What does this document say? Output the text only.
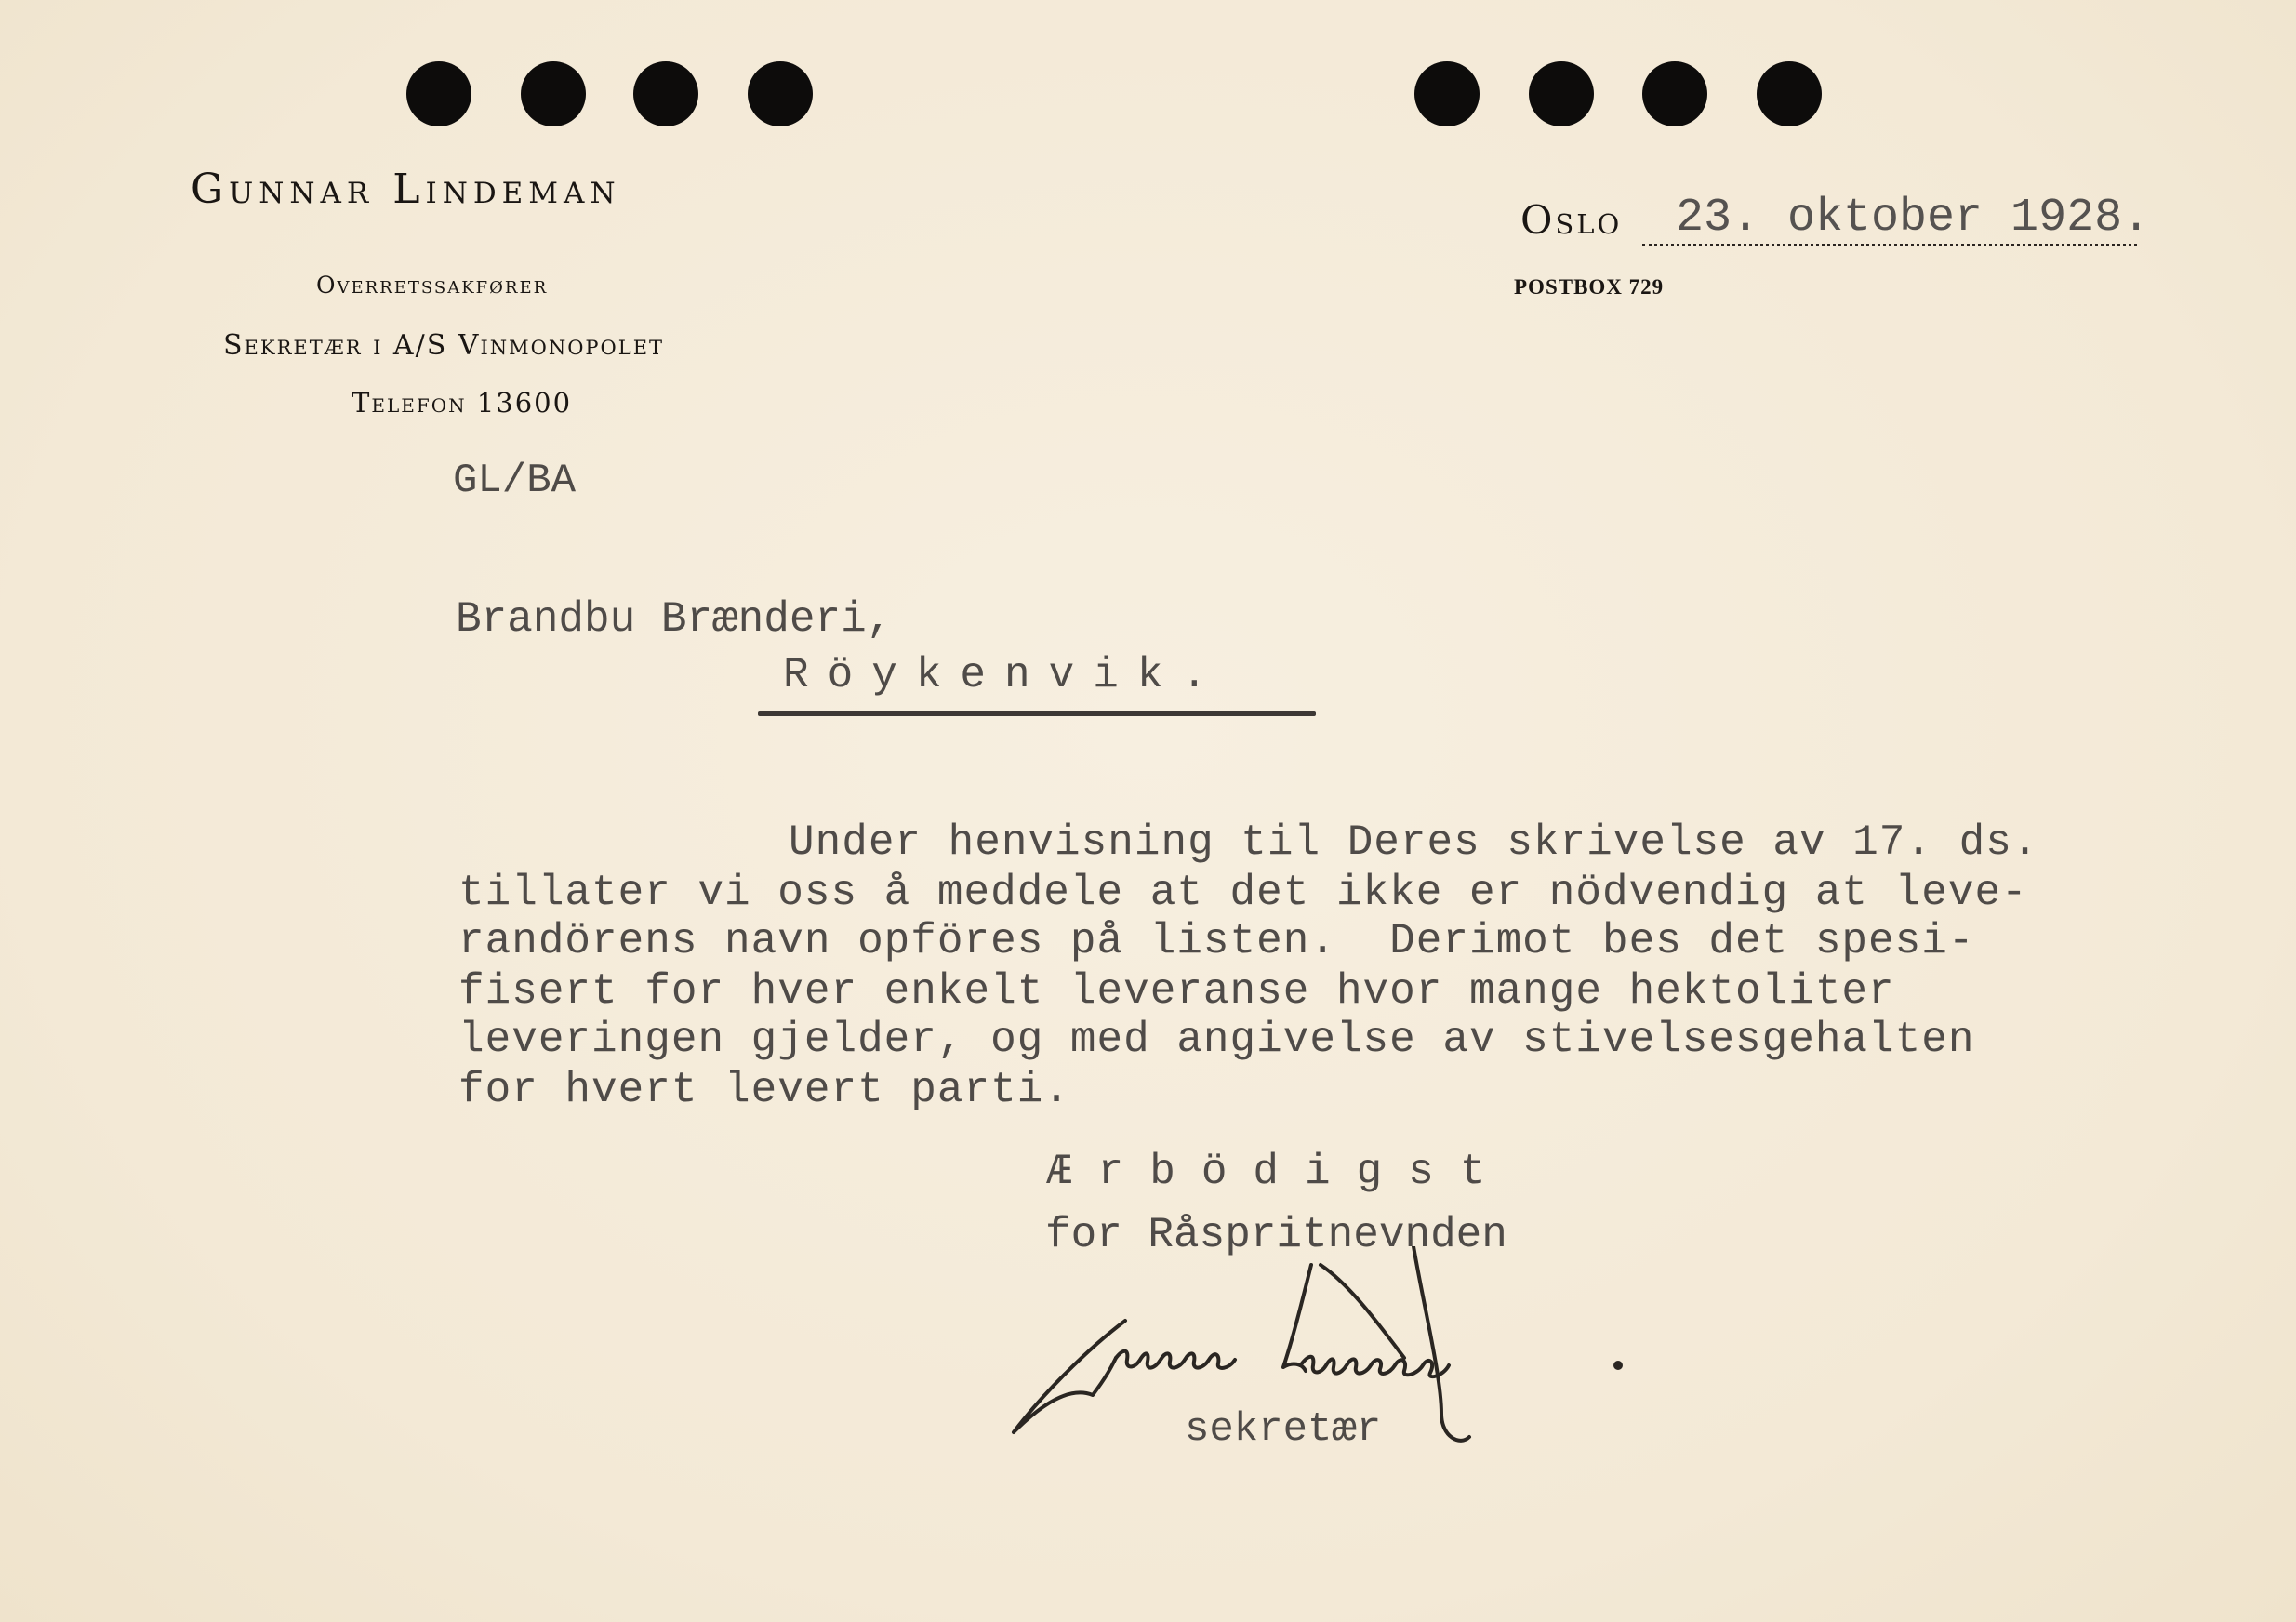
Gunnar Lindeman
Overretssakfører
Sekretær i A/S Vinmonopolet
Telefon 13600
Oslo 23. oktober 1928.
POSTBOX 729
GL/BA
Brandbu Brænderi,
Röykenvik.
Under henvisning til Deres skrivelse av 17. ds.
tillater vi oss å meddele at det ikke er nödvendig at leve-
randörens navn opföres på listen.  Derimot bes det spesi-
fisert for hver enkelt leveranse hvor mange hektoliter
leveringen gjelder, og med angivelse av stivelsesgehalten
for hvert levert parti.
Ærbödigst
for Råspritnevnden
sekretær
